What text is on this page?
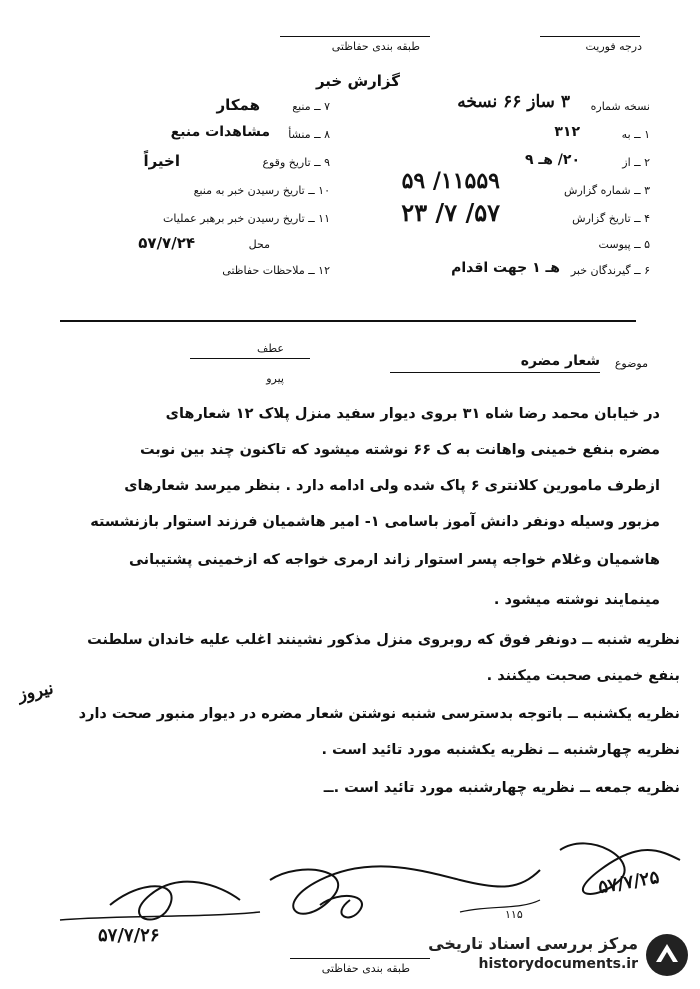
درجه فوریت
طبقه بندی حفاظتی
گزارش خبر
نسخه شماره
۳ ساز ۶۶ نسخه
۱ ــ به
۳۱۲
۲ ــ از
۲۰/ هـ ۹
۳ ــ شماره گزارش
۱۱۵۵۹/ ۵۹
۴ ــ تاریخ گزارش
۵۷/ ۷/ ۲۳
۵ ــ پیوست
۶ ــ گیرندگان خبر
هـ ۱ جهت اقدام
۷ ــ منبع
همکار
۸ ــ منشأ
مشاهدات منبع
۹ ــ تاریخ وقوع
اخیراً
۱۰ ــ تاریخ رسیدن خبر به منبع
۱۱ ــ تاریخ رسیدن خبر برهبر عملیات
محل
۵۷/۷/۲۴
۱۲ ــ ملاحظات حفاظتی
عطف
پیرو
موضوع
شعار مضره
در خیابان محمد رضا شاه ۳۱ بروی دیوار سفید منزل پلاک ۱۲ شعارهای
مضره بنفع خمینی واهانت به ک ۶۶ نوشته میشود که تاکنون چند بین نوبت
ازطرف مامورین کلانتری ۶ پاک شده ولی ادامه دارد . بنظر میرسد شعارهای
مزبور وسیله دونفر دانش آموز باسامی ۱- امیر هاشمیان فرزند استوار بازنشسته
هاشمیان وغلام خواجه پسر استوار زاند ارمری خواجه که ازخمینی پشتیبانی
مینمایند نوشته میشود .
نظریه شنبه ــ دونفر فوق که روبروی منزل مذکور نشینند اغلب علیه خاندان سلطنت
بنفع خمینی صحبت میکنند .
نظریه یکشنبه ــ باتوجه بدسترسی شنبه نوشتن شعار مضره در دیوار منبور صحت دارد
نظریه چهارشنبه ــ نظریه یکشنبه مورد تائید است .
نظریه جمعه ــ نظریه چهارشنبه مورد تائید است .ــ
نیروز
۵۷/۷/۲۵
۵۷/۷/۲۶
۱۱۵
طبقه بندی حفاظتی
مرکز بررسی اسناد تاریخی
historydocuments.ir
